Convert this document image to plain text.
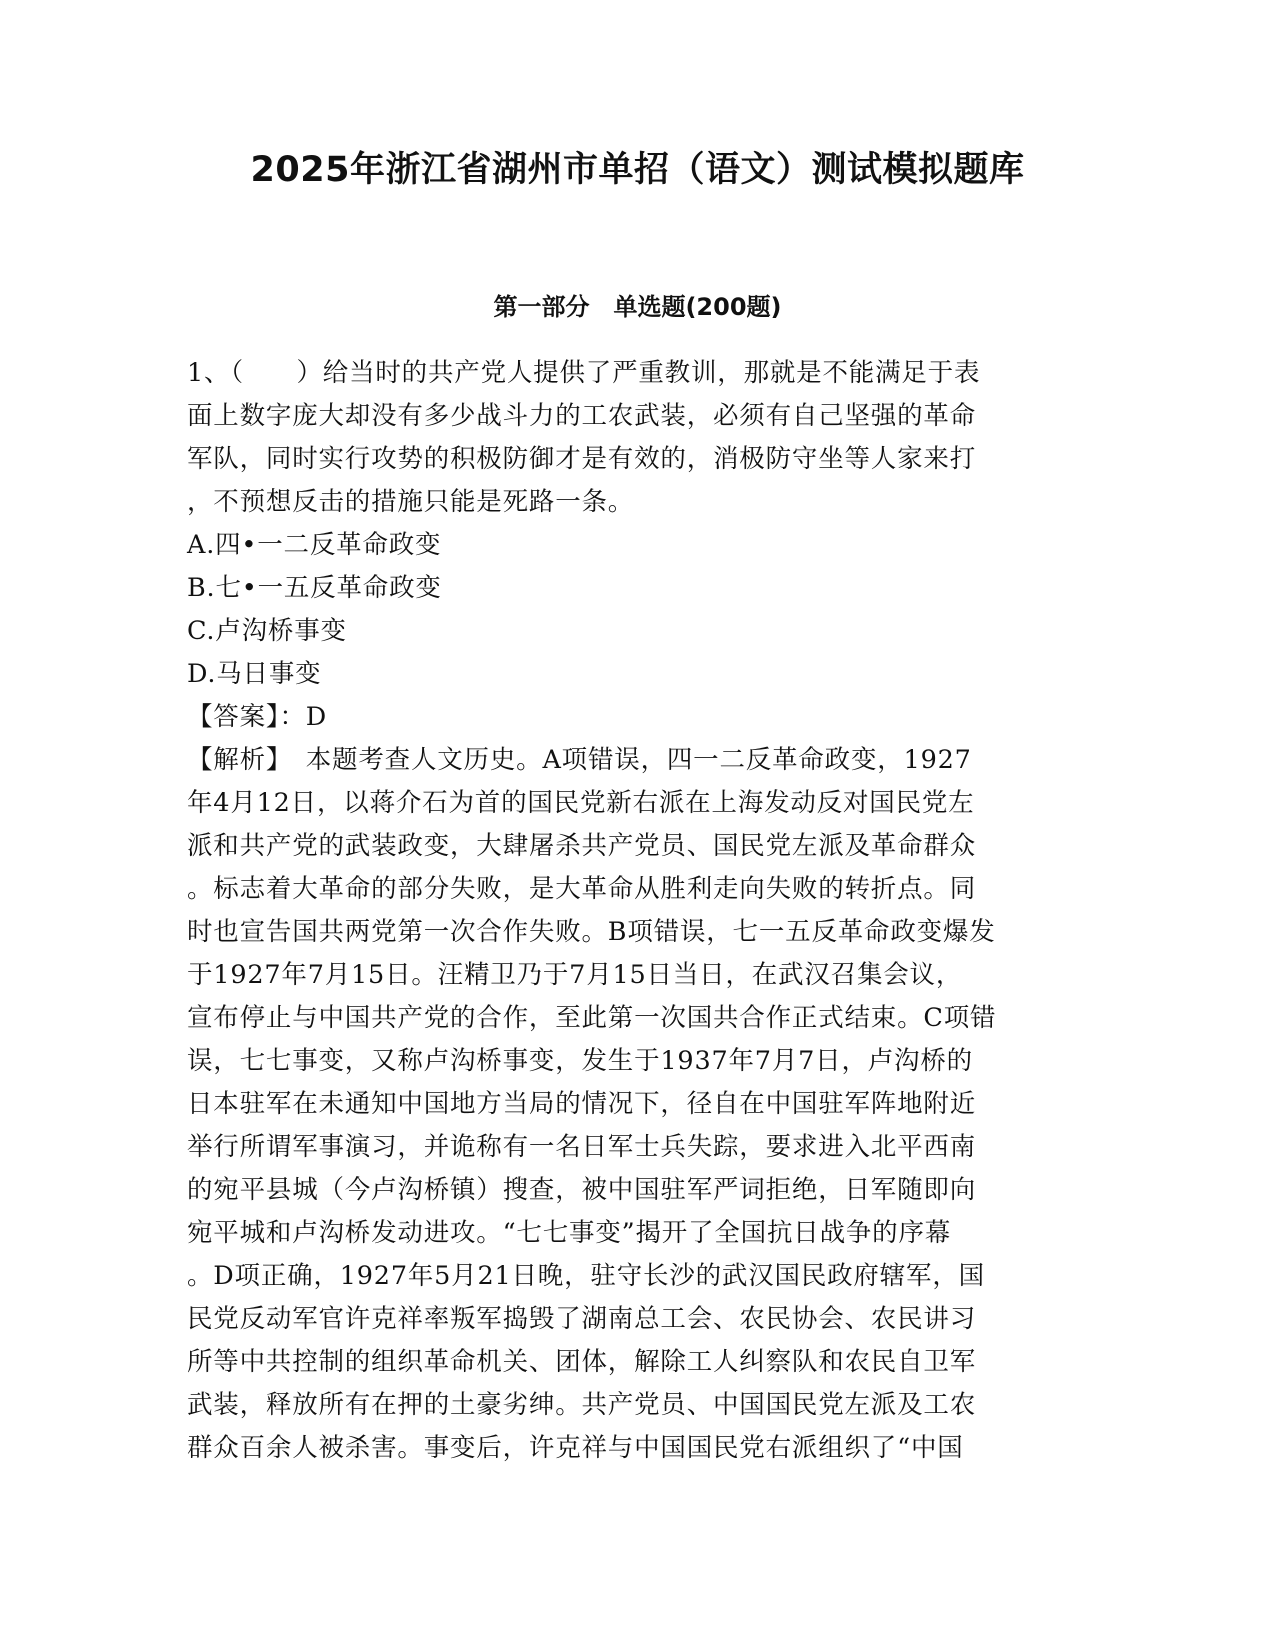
2025年浙江省湖州市单招（语文）测试模拟题库
第一部分　单选题(200题)
1、（　　）给当时的共产党人提供了严重教训，那就是不能满足于表
面上数字庞大却没有多少战斗力的工农武装，必须有自己坚强的革命
军队，同时实行攻势的积极防御才是有效的，消极防守坐等人家来打
，不预想反击的措施只能是死路一条。
A.四•一二反革命政变
B.七•一五反革命政变
C.卢沟桥事变
D.马日事变
【答案】：D
【解析】　本题考查人文历史。A项错误，四一二反革命政变，1927
年4月12日，以蒋介石为首的国民党新右派在上海发动反对国民党左
派和共产党的武装政变，大肆屠杀共产党员、国民党左派及革命群众
。标志着大革命的部分失败，是大革命从胜利走向失败的转折点。同
时也宣告国共两党第一次合作失败。B项错误，七一五反革命政变爆发
于1927年7月15日。汪精卫乃于7月15日当日，在武汉召集会议，
宣布停止与中国共产党的合作，至此第一次国共合作正式结束。C项错
误，七七事变，又称卢沟桥事变，发生于1937年7月7日，卢沟桥的
日本驻军在未通知中国地方当局的情况下，径自在中国驻军阵地附近
举行所谓军事演习，并诡称有一名日军士兵失踪，要求进入北平西南
的宛平县城（今卢沟桥镇）搜查，被中国驻军严词拒绝，日军随即向
宛平城和卢沟桥发动进攻。“七七事变”揭开了全国抗日战争的序幕
。D项正确，1927年5月21日晚，驻守长沙的武汉国民政府辖军，国
民党反动军官许克祥率叛军捣毁了湖南总工会、农民协会、农民讲习
所等中共控制的组织革命机关、团体，解除工人纠察队和农民自卫军
武装，释放所有在押的土豪劣绅。共产党员、中国国民党左派及工农
群众百余人被杀害。事变后，许克祥与中国国民党右派组织了“中国
